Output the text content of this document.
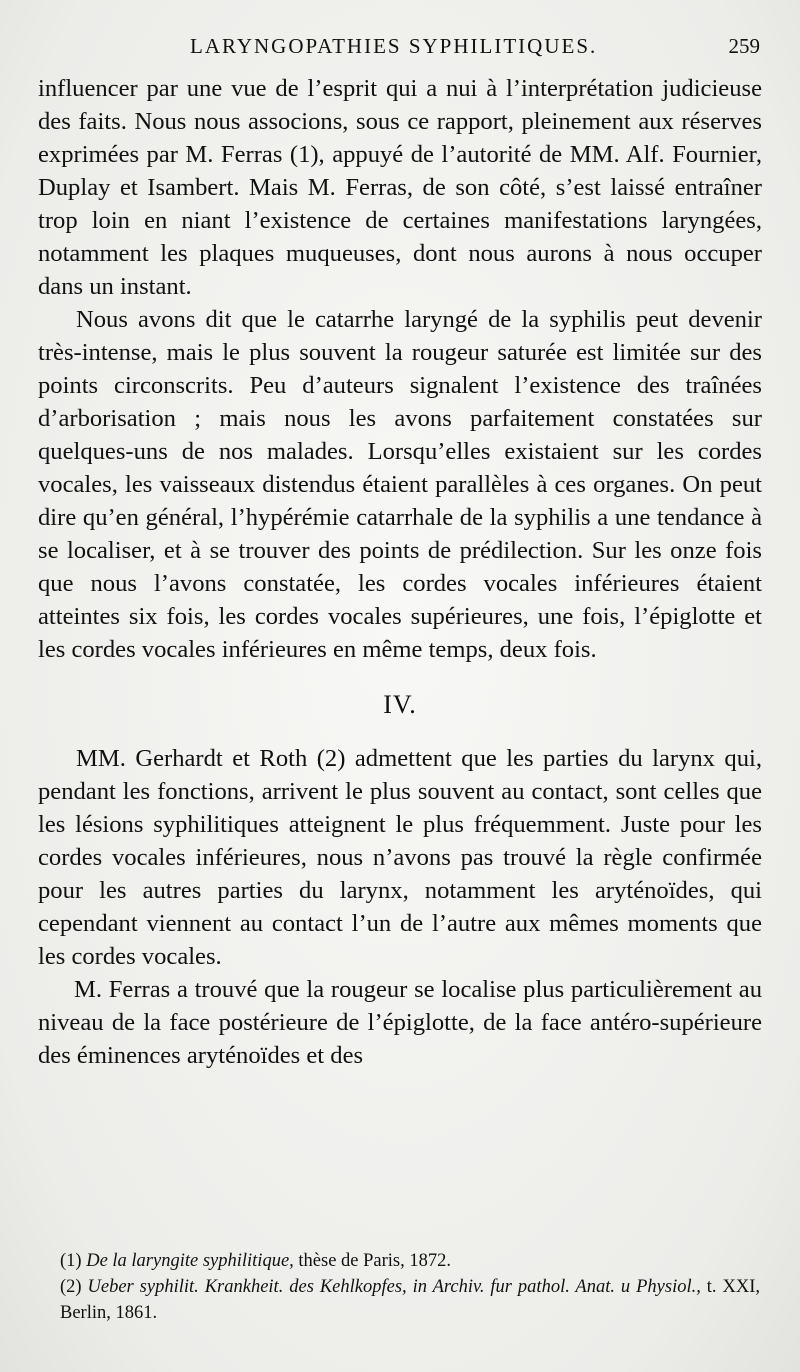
LARYNGOPATHIES SYPHILITIQUES.	259

influencer par une vue de l’esprit qui a nui à l’interprétation judicieuse des faits. Nous nous associons, sous ce rapport, pleinement aux réserves exprimées par M. Ferras (1), appuyé de l’autorité de MM. Alf. Fournier, Duplay et Isambert. Mais M. Ferras, de son côté, s’est laissé entraîner trop loin en niant l’existence de certaines manifestations laryngées, notamment les plaques muqueuses, dont nous aurons à nous occuper dans un instant.

Nous avons dit que le catarrhe laryngé de la syphilis peut devenir très-intense, mais le plus souvent la rougeur saturée est limitée sur des points circonscrits. Peu d’auteurs signalent l’existence des traînées d’arborisation ; mais nous les avons parfaitement constatées sur quelques-uns de nos malades. Lorsqu’elles existaient sur les cordes vocales, les vaisseaux distendus étaient parallèles à ces organes. On peut dire qu’en général, l’hypérémie catarrhale de la syphilis a une tendance à se localiser, et à se trouver des points de prédilection. Sur les onze fois que nous l’avons constatée, les cordes vocales inférieures étaient atteintes six fois, les cordes vocales supérieures, une fois, l’épiglotte et les cordes vocales inférieures en même temps, deux fois.

IV.

MM. Gerhardt et Roth (2) admettent que les parties du larynx qui, pendant les fonctions, arrivent le plus souvent au contact, sont celles que les lésions syphilitiques atteignent le plus fréquemment. Juste pour les cordes vocales inférieures, nous n’avons pas trouvé la règle confirmée pour les autres parties du larynx, notamment les aryténoïdes, qui cependant viennent au contact l’un de l’autre aux mêmes moments que les cordes vocales.

M. Ferras a trouvé que la rougeur se localise plus particulièrement au niveau de la face postérieure de l’épiglotte, de la face antéro-supérieure des éminences aryténoïdes et des

(1) De la laryngite syphilitique, thèse de Paris, 1872.

(2) Ueber syphilit. Krankheit. des Kehlkopfes, in Archiv. fur pathol. Anat. u Physiol., t. XXI, Berlin, 1861.
